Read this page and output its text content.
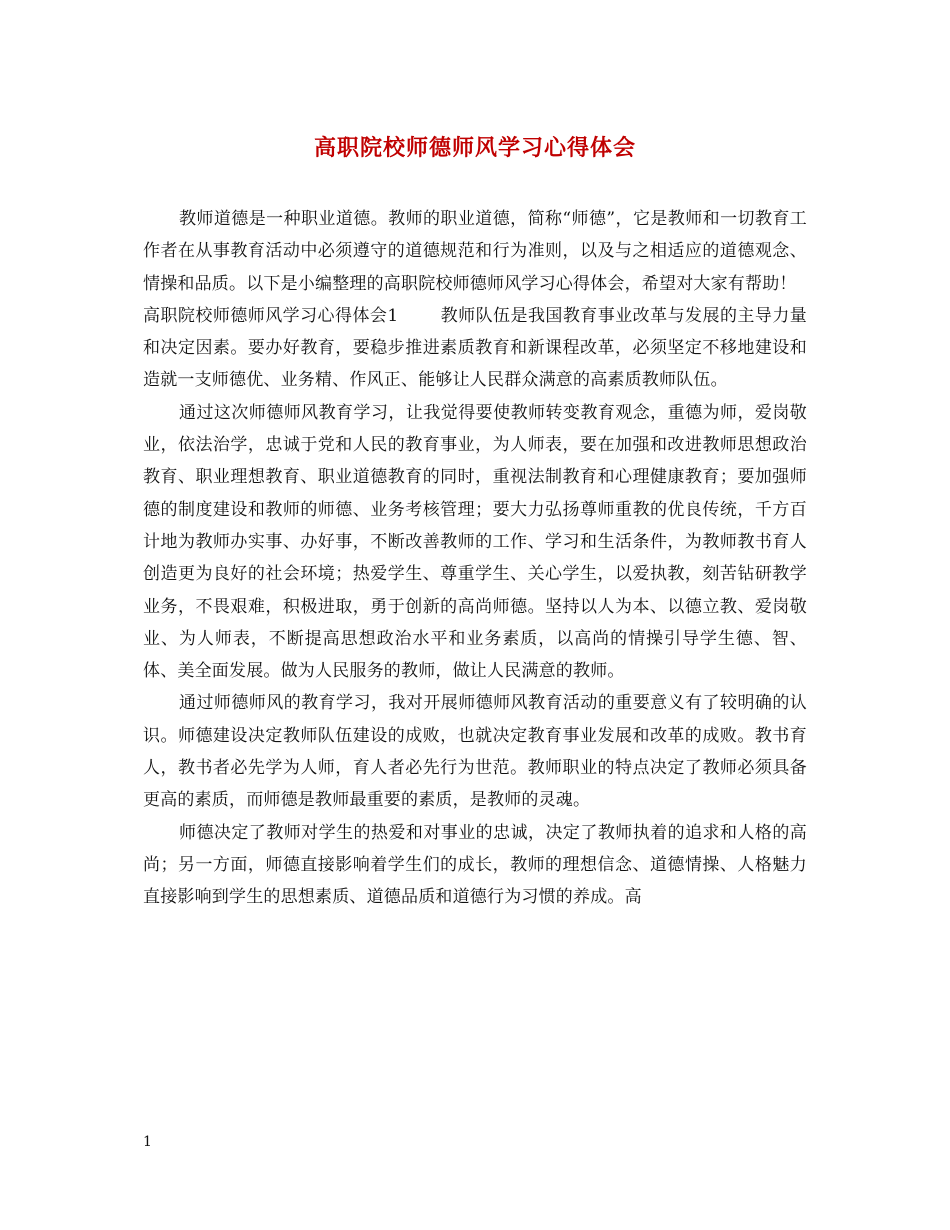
高职院校师德师风学习心得体会

教师道德是一种职业道德。教师的职业道德，简称“师德”，它是教师和一切教育工作者在从事教育活动中必须遵守的道德规范和行为准则，以及与之相适应的道德观念、情操和品质。以下是小编整理的高职院校师德师风学习心得体会，希望对大家有帮助！

高职院校师德师风学习心得体会1 教师队伍是我国教育事业改革与发展的主导力量和决定因素。要办好教育，要稳步推进素质教育和新课程改革，必须坚定不移地建设和造就一支师德优、业务精、作风正、能够让人民群众满意的高素质教师队伍。

通过这次师德师风教育学习，让我觉得要使教师转变教育观念，重德为师，爱岗敬业，依法治学，忠诚于党和人民的教育事业，为人师表，要在加强和改进教师思想政治教育、职业理想教育、职业道德教育的同时，重视法制教育和心理健康教育；要加强师德的制度建设和教师的师德、业务考核管理；要大力弘扬尊师重教的优良传统，千方百计地为教师办实事、办好事，不断改善教师的工作、学习和生活条件，为教师教书育人创造更为良好的社会环境；热爱学生、尊重学生、关心学生，以爱执教，刻苦钻研教学业务，不畏艰难，积极进取，勇于创新的高尚师德。坚持以人为本、以德立教、爱岗敬业、为人师表，不断提高思想政治水平和业务素质，以高尚的情操引导学生德、智、体、美全面发展。做为人民服务的教师，做让人民满意的教师。

通过师德师风的教育学习，我对开展师德师风教育活动的重要意义有了较明确的认识。师德建设决定教师队伍建设的成败，也就决定教育事业发展和改革的成败。教书育人，教书者必先学为人师，育人者必先行为世范。教师职业的特点决定了教师必须具备更高的素质，而师德是教师最重要的素质，是教师的灵魂。

师德决定了教师对学生的热爱和对事业的忠诚，决定了教师执着的追求和人格的高尚；另一方面，师德直接影响着学生们的成长，教师的理想信念、道德情操、人格魅力直接影响到学生的思想素质、道德品质和道德行为习惯的养成。高

1
